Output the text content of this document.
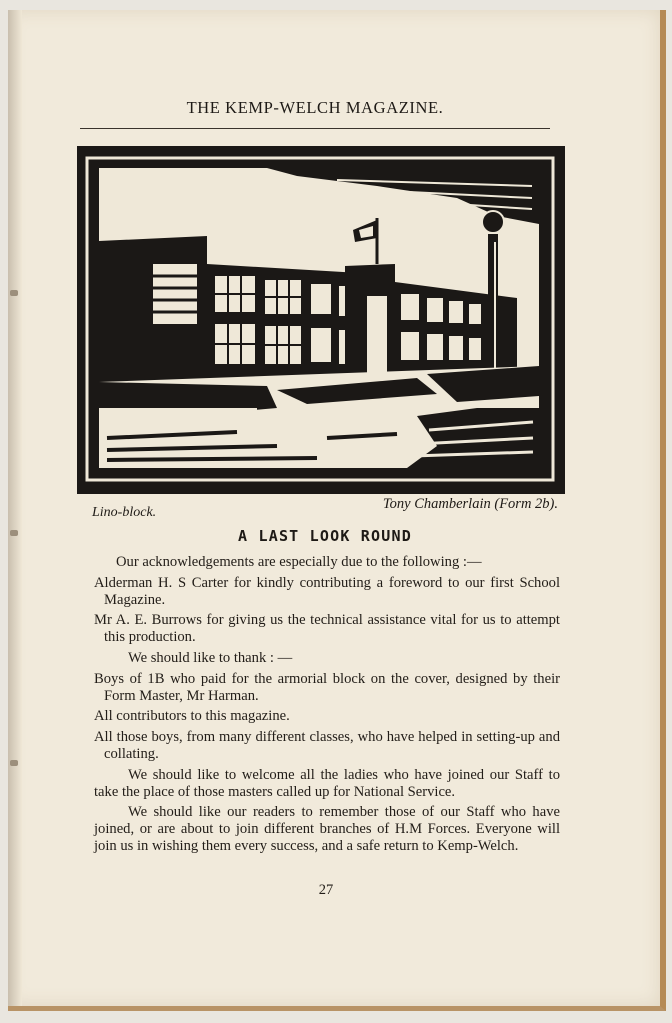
THE KEMP-WELCH MAGAZINE.
Lino-block.
Tony Chamberlain (Form 2b).
A LAST LOOK ROUND

Our acknowledgements are especially due to the following :—

Alderman H. S Carter for kindly contributing a foreword to our first School Magazine.

Mr A. E. Burrows for giving us the technical assistance vital for us to attempt this production.

We should like to thank : —

Boys of 1B who paid for the armorial block on the cover, designed by their Form Master, Mr Harman.

All contributors to this magazine.

All those boys, from many different classes, who have helped in setting-up and collating.

We should like to welcome all the ladies who have joined our Staff to take the place of those masters called up for National Service.

We should like our readers to remember those of our Staff who have joined, or are about to join different branches of H.M Forces. Everyone will join us in wishing them every success, and a safe return to Kemp-Welch.

27
